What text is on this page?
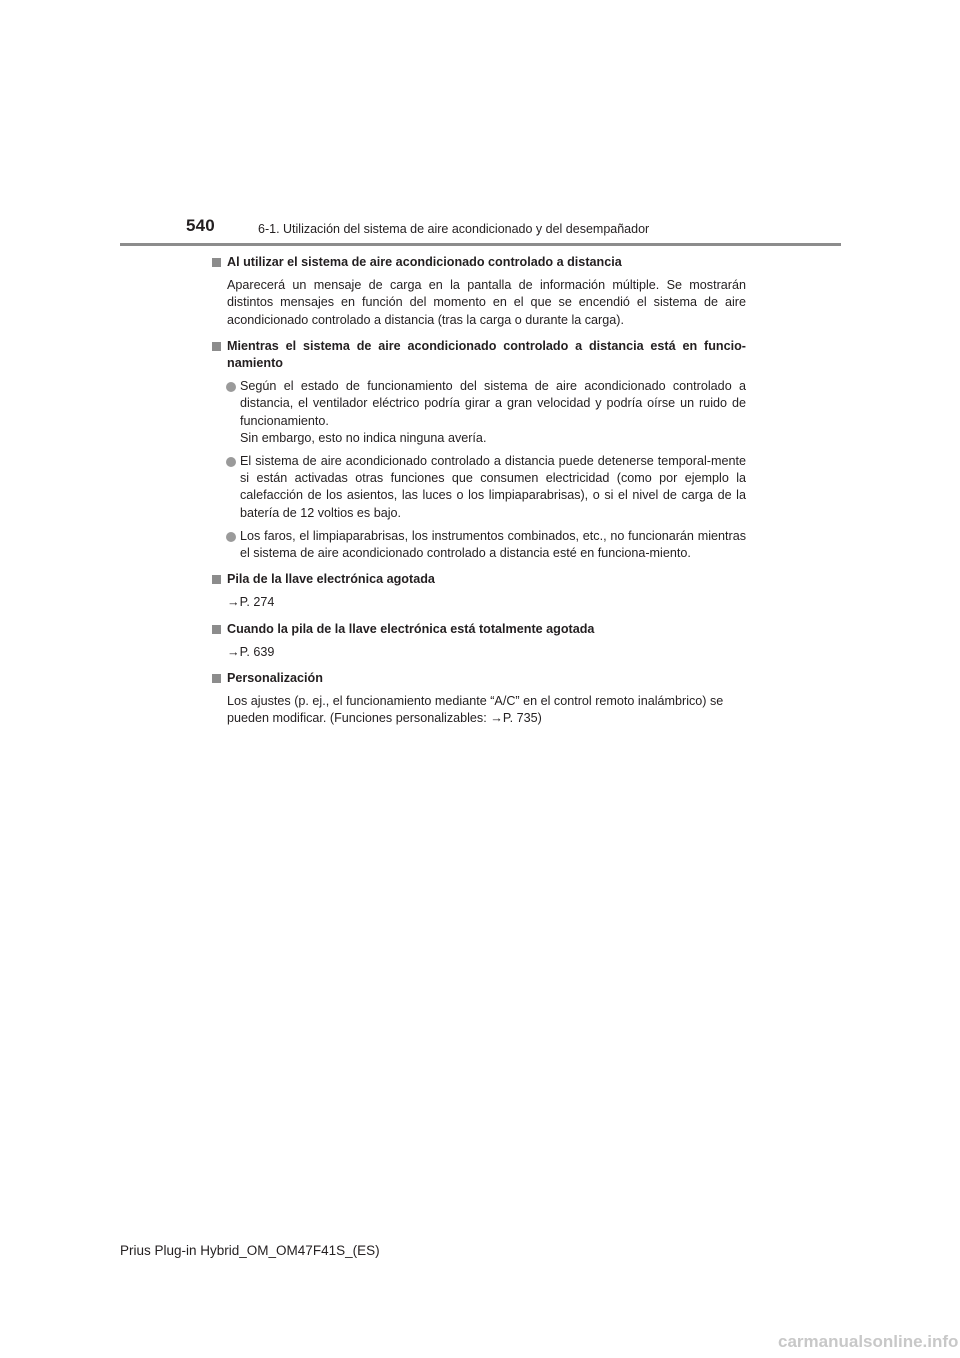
540	6-1. Utilización del sistema de aire acondicionado y del desempañador
Al utilizar el sistema de aire acondicionado controlado a distancia
Aparecerá un mensaje de carga en la pantalla de información múltiple. Se mostrarán distintos mensajes en función del momento en el que se encendió el sistema de aire acondicionado controlado a distancia (tras la carga o durante la carga).
Mientras el sistema de aire acondicionado controlado a distancia está en funcio-namiento
Según el estado de funcionamiento del sistema de aire acondicionado controlado a distancia, el ventilador eléctrico podría girar a gran velocidad y podría oírse un ruido de funcionamiento.
Sin embargo, esto no indica ninguna avería.
El sistema de aire acondicionado controlado a distancia puede detenerse temporal-mente si están activadas otras funciones que consumen electricidad (como por ejemplo la calefacción de los asientos, las luces o los limpiaparabrisas), o si el nivel de carga de la batería de 12 voltios es bajo.
Los faros, el limpiaparabrisas, los instrumentos combinados, etc., no funcionarán mientras el sistema de aire acondicionado controlado a distancia esté en funciona-miento.
Pila de la llave electrónica agotada
→P. 274
Cuando la pila de la llave electrónica está totalmente agotada
→P. 639
Personalización
Los ajustes (p. ej., el funcionamiento mediante “A/C” en el control remoto inalámbrico) se pueden modificar. (Funciones personalizables: →P. 735)
Prius Plug-in Hybrid_OM_OM47F41S_(ES)
carmanualsonline.info
